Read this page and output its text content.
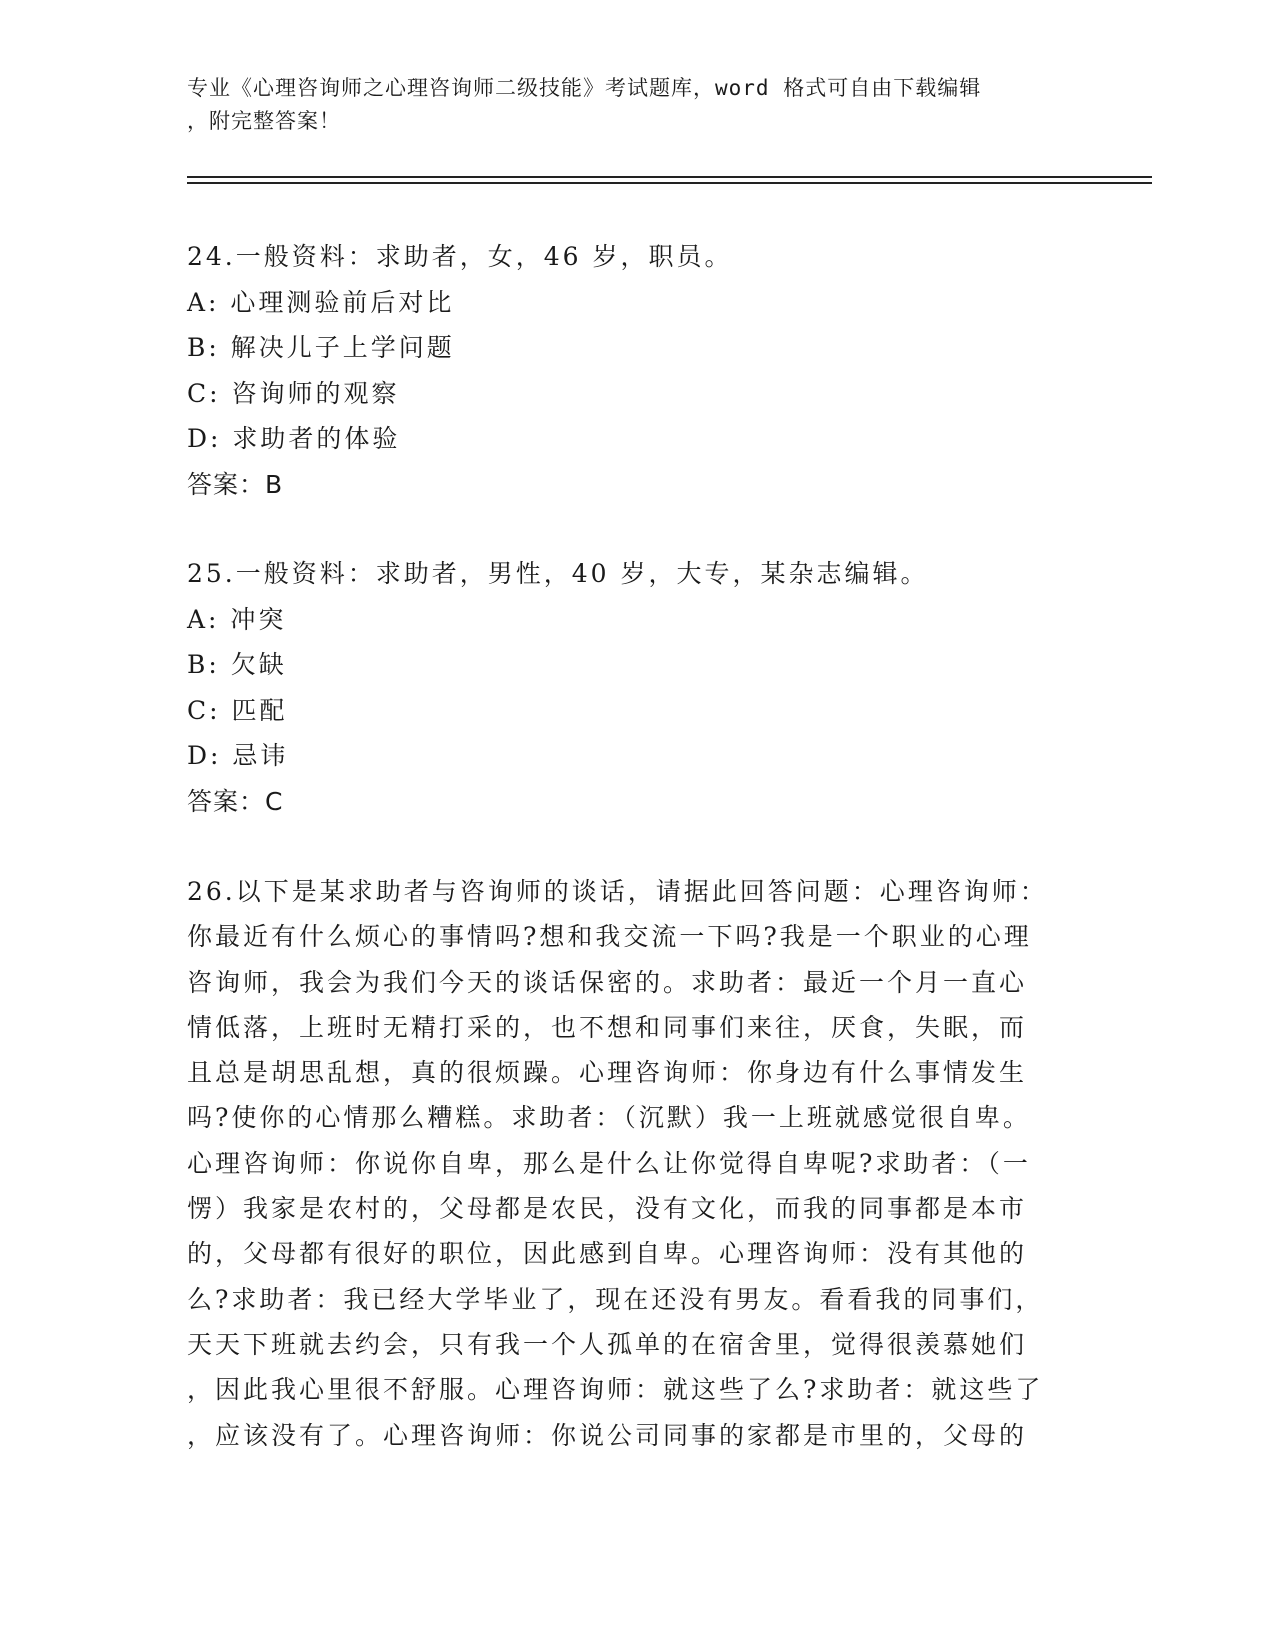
专业《心理咨询师之心理咨询师二级技能》考试题库，word 格式可自由下载编辑
，附完整答案！
24.一般资料：求助者，女，46 岁，职员。
A: 心理测验前后对比
B: 解决儿子上学问题
C: 咨询师的观察
D: 求助者的体验
答案：B
25.一般资料：求助者，男性，40 岁，大专，某杂志编辑。
A: 冲突
B: 欠缺
C: 匹配
D: 忌讳
答案：C
26.以下是某求助者与咨询师的谈话，请据此回答问题：心理咨询师：
你最近有什么烦心的事情吗?想和我交流一下吗?我是一个职业的心理
咨询师，我会为我们今天的谈话保密的。求助者：最近一个月一直心
情低落，上班时无精打采的，也不想和同事们来往，厌食，失眠，而
且总是胡思乱想，真的很烦躁。心理咨询师：你身边有什么事情发生
吗?使你的心情那么糟糕。求助者：（沉默）我一上班就感觉很自卑。
心理咨询师：你说你自卑，那么是什么让你觉得自卑呢?求助者：（一
愣）我家是农村的，父母都是农民，没有文化，而我的同事都是本市
的，父母都有很好的职位，因此感到自卑。心理咨询师：没有其他的
么?求助者：我已经大学毕业了，现在还没有男友。看看我的同事们，
天天下班就去约会，只有我一个人孤单的在宿舍里，觉得很羡慕她们
，因此我心里很不舒服。心理咨询师：就这些了么?求助者：就这些了
，应该没有了。心理咨询师：你说公司同事的家都是市里的，父母的
